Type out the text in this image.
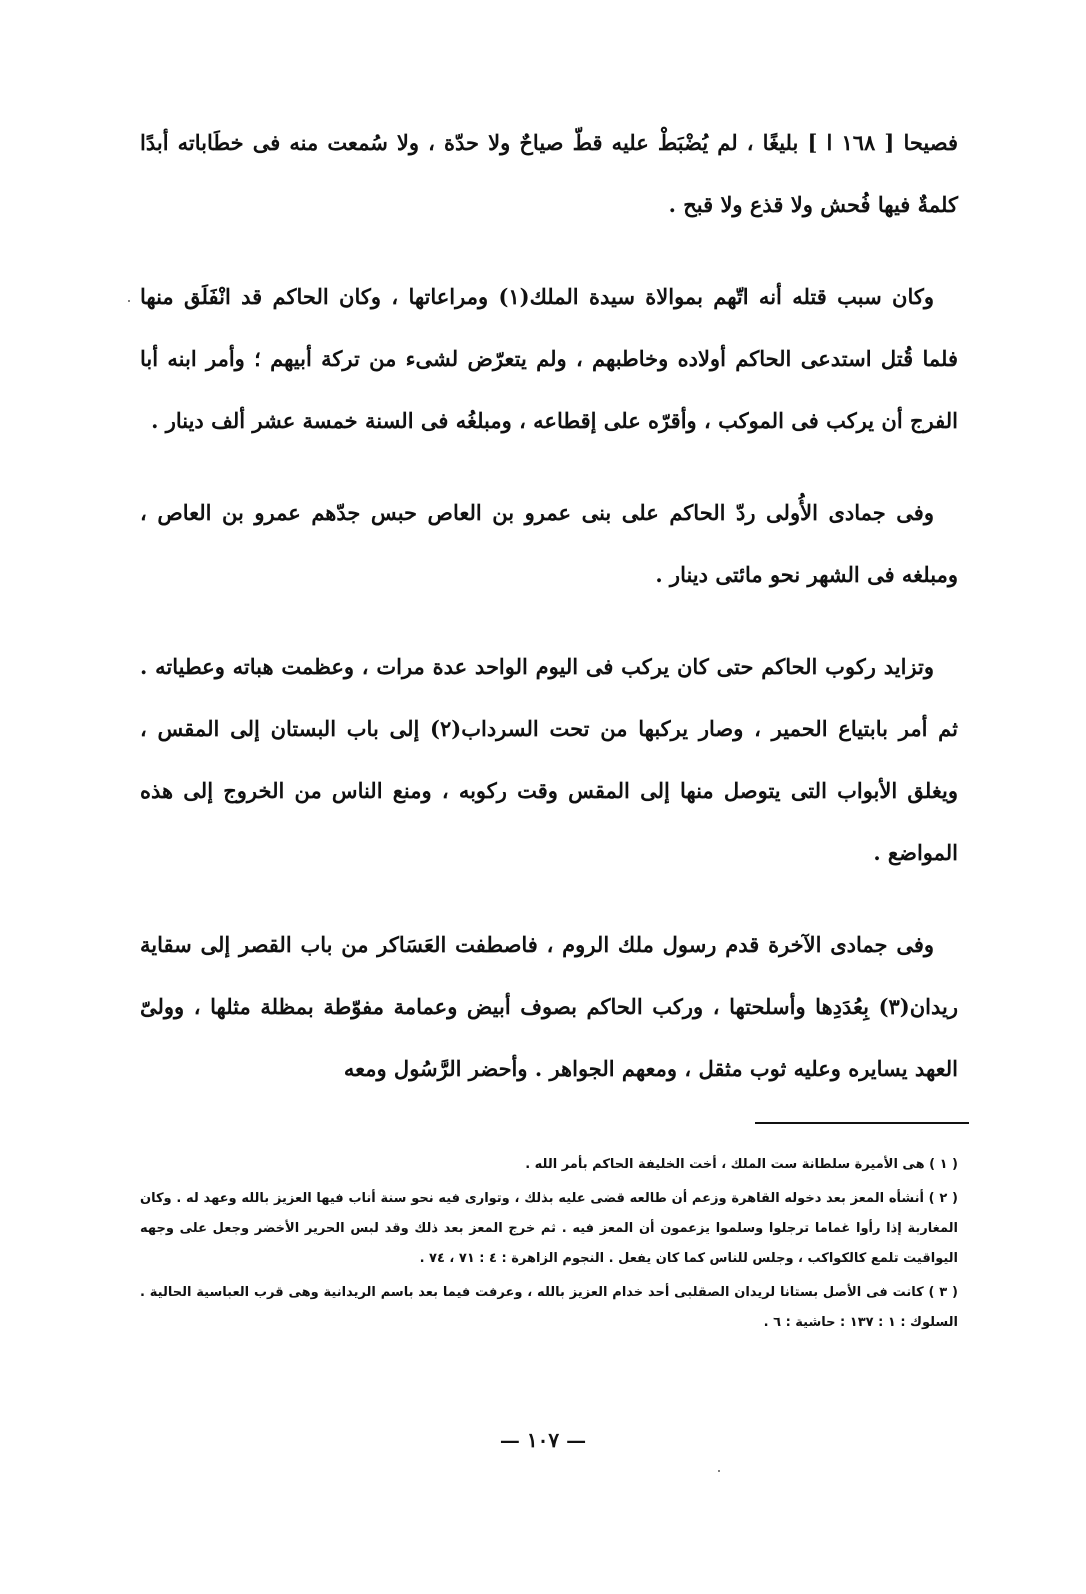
فصيحا [ ١٦٨ ا ] بليغًا ، لم يُضْبَطْ عليه قطّ صياحٌ ولا حدّة ، ولا سُمعت منه فى خطَاباته أبدًا كلمةٌ فيها فُحش ولا قذع ولا قبح .

وكان سبب قتله أنه اتّهم بموالاة سيدة الملك(١) ومراعاتها ، وكان الحاكم قد انْفَلَق منها فلما قُتل استدعى الحاكم أولاده وخاطبهم ، ولم يتعرّض لشىء من تركة أبيهم ؛ وأمر ابنه أبا الفرج أن يركب فى الموكب ، وأقرّه على إقطاعه ، ومبلغُه فى السنة خمسة عشر ألف دينار .

وفى جمادى الأُولى ردّ الحاكم على بنى عمرو بن العاص حبس جدّهم عمرو بن العاص ، ومبلغه فى الشهر نحو مائتى دينار .

وتزايد ركوب الحاكم حتى كان يركب فى اليوم الواحد عدة مرات ، وعظمت هباته وعطياته . ثم أمر بابتياع الحمير ، وصار يركبها من تحت السرداب(٢) إلى باب البستان إلى المقس ، ويغلق الأبواب التى يتوصل منها إلى المقس وقت ركوبه ، ومنع الناس من الخروج إلى هذه المواضع .

وفى جمادى الآخرة قدم رسول ملك الروم ، فاصطفت العَسَاكر من باب القصر إلى سقاية ريدان(٣) بِعُدَدِها وأسلحتها ، وركب الحاكم بصوف أبيض وعمامة مفوّطة بمظلة مثلها ، وولىّ العهد يسايره وعليه ثوب مثقل ، ومعهم الجواهر . وأحضر الرَّسُول ومعه

( ١ ) هى الأميرة سلطانة ست الملك ، أخت الخليفة الحاكم بأمر الله .

( ٢ ) أنشأه المعز بعد دخوله القاهرة وزعم أن طالعه قضى عليه بذلك ، وتوارى فيه نحو سنة أناب فيها العزيز بالله وعهد له . وكان المغاربة إذا رأوا غماما ترجلوا وسلموا يزعمون أن المعز فيه . ثم خرج المعز بعد ذلك وقد لبس الحرير الأخضر وجعل على وجهه اليواقيت تلمع كالكواكب ، وجلس للناس كما كان يفعل . النجوم الزاهرة : ٤ : ٧١ ، ٧٤ .

( ٣ ) كانت فى الأصل بستانا لريدان الصقلبى أحد خدام العزيز بالله ، وعرفت فيما بعد باسم الريدانية وهى قرب العباسية الحالية . السلوك : ١ : ١٣٧ : حاشية : ٦ .

— ١٠٧ —
